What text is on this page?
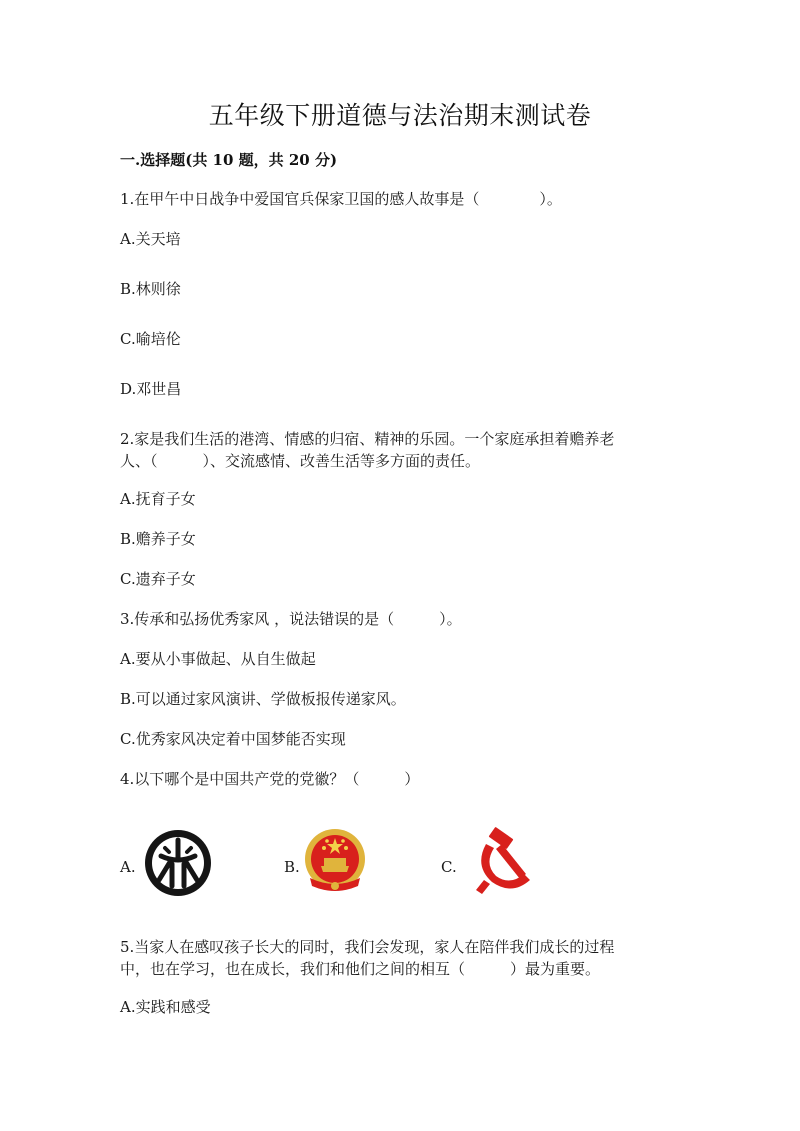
五年级下册道德与法治期末测试卷
一.选择题(共 10 题，共 20 分)
1.在甲午中日战争中爱国官兵保家卫国的感人故事是（　　　　）。
A.关天培
B.林则徐
C.喻培伦
D.邓世昌
2.家是我们生活的港湾、情感的归宿、精神的乐园。一个家庭承担着赡养老
人、（　　　）、交流感情、改善生活等多方面的责任。
A.抚育子女
B.赡养子女
C.遗弃子女
3.传承和弘扬优秀家风 ，说法错误的是（　　　）。
A.要从小事做起、从自生做起
B.可以通过家风演讲、学做板报传递家风。
C.优秀家风决定着中国梦能否实现
4.以下哪个是中国共产党的党徽？（　　　）
A.	B.	C.
5.当家人在感叹孩子长大的同时，我们会发现，家人在陪伴我们成长的过程
中，也在学习，也在成长，我们和他们之间的相互（　　　）最为重要。
A.实践和感受
